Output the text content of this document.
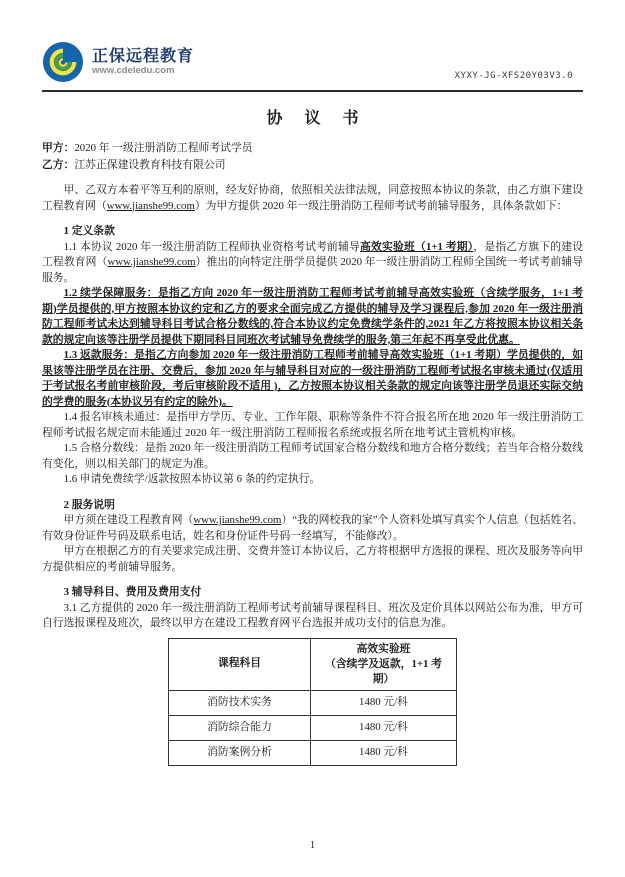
正保远程教育
www.cdeledu.com
XYXY-JG-XFS20Y03V3.0
协 议 书

甲方：2020 年 一级注册消防工程师考试学员

乙方：江苏正保建设教育科技有限公司

甲、乙双方本着平等互利的原则，经友好协商，依照相关法律法规，同意按照本协议的条款，由乙方旗下建设工程教育网（www.jianshe99.com）为甲方提供 2020 年一级注册消防工程师考试考前辅导服务，具体条款如下：

1 定义条款

1.1 本协议 2020 年一级注册消防工程师执业资格考试考前辅导高效实验班（1+1 考期），是指乙方旗下的建设工程教育网（www.jianshe99.com）推出的向特定注册学员提供 2020 年一级注册消防工程师全国统一考试考前辅导服务。

1.2 续学保障服务：是指乙方向 2020 年一级注册消防工程师考试考前辅导高效实验班（含续学服务，1+1 考期)学员提供的,甲方按照本协议约定和乙方的要求全面完成乙方提供的辅导及学习课程后,参加 2020 年一级注册消防工程师考试未达到辅导科目考试合格分数线的,符合本协议约定免费续学条件的,2021 年乙方将按照本协议相关条款的规定向该等注册学员提供下期同科目同班次考试辅导免费续学的服务,第三年起不再享受此优惠。

1.3 返款服务：是指乙方向参加 2020 年一级注册消防工程师考前辅导高效实验班（1+1 考期）学员提供的，如果该等注册学员在注册、交费后，参加 2020 年与辅导科目对应的一级注册消防工程师考试报名审核未通过(仅适用于考试报名考前审核阶段，考后审核阶段不适用 )，乙方按照本协议相关条款的规定向该等注册学员退还实际交纳的学费的服务(本协议另有约定的除外)。

1.4 报名审核未通过：是指甲方学历、专业、工作年限、职称等条件不符合报名所在地 2020 年一级注册消防工程师考试报名规定而未能通过 2020 年一级注册消防工程师报名系统或报名所在地考试主管机构审核。

1.5 合格分数线：是指 2020 年一级注册消防工程师考试国家合格分数线和地方合格分数线；若当年合格分数线有变化，则以相关部门的规定为准。

1.6 申请免费续学/返款按照本协议第 6 条的约定执行。

2 服务说明

甲方须在建设工程教育网（www.jianshe99.com）“我的网校我的家”个人资料处填写真实个人信息（包括姓名、有效身份证件号码及联系电话，姓名和身份证件号码一经填写，不能修改）。

甲方在根据乙方的有关要求完成注册、交费并签订本协议后，乙方将根据甲方选报的课程、班次及服务等向甲方提供相应的考前辅导服务。

3 辅导科目、费用及费用支付

3.1 乙方提供的 2020 年一级注册消防工程师考试考前辅导课程科目、班次及定价具体以网站公布为准，甲方可自行选报课程及班次，最终以甲方在建设工程教育网平台选报并成功支付的信息为准。

课程科目	高效实验班
（含续学及返款，1+1 考期）

消防技术实务	1480 元/科
消防综合能力	1480 元/科
消防案例分析	1480 元/科
1
